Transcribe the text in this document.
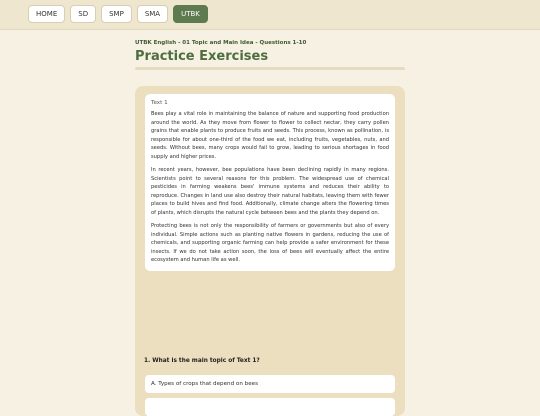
HOME	SD	SMP	SMA	UTBK
UTBK English - 01 Topic and Main Idea - Questions 1-10
Practice Exercises
Text 1

Bees play a vital role in maintaining the balance of nature and supporting food production around the world. As they move from flower to flower to collect nectar, they carry pollen grains that enable plants to produce fruits and seeds. This process, known as pollination, is responsible for about one-third of the food we eat, including fruits, vegetables, nuts, and seeds. Without bees, many crops would fail to grow, leading to serious shortages in food supply and higher prices.

In recent years, however, bee populations have been declining rapidly in many regions. Scientists point to several reasons for this problem. The widespread use of chemical pesticides in farming weakens bees' immune systems and reduces their ability to reproduce. Changes in land use also destroy their natural habitats, leaving them with fewer places to build hives and find food. Additionally, climate change alters the flowering times of plants, which disrupts the natural cycle between bees and the plants they depend on.

Protecting bees is not only the responsibility of farmers or governments but also of every individual. Simple actions such as planting native flowers in gardens, reducing the use of chemicals, and supporting organic farming can help provide a safer environment for these insects. If we do not take action soon, the loss of bees will eventually affect the entire ecosystem and human life as well.

1. What is the main topic of Text 1?
A. Types of crops that depend on bees
